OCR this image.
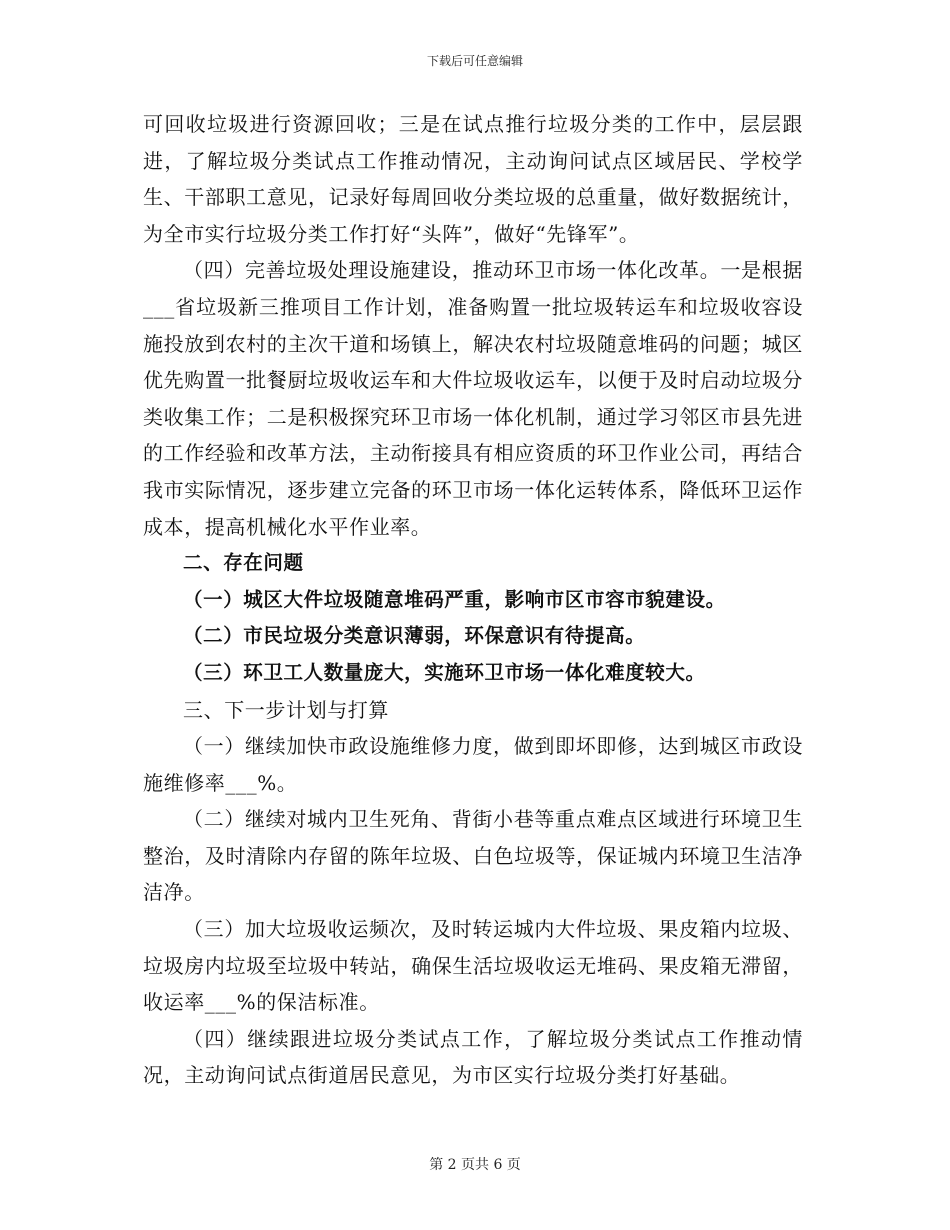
下载后可任意编辑

可回收垃圾进行资源回收；三是在试点推行垃圾分类的工作中，层层跟进，了解垃圾分类试点工作推动情况，主动询问试点区域居民、学校学生、干部职工意见，记录好每周回收分类垃圾的总重量，做好数据统计，为全市实行垃圾分类工作打好“头阵”，做好“先锋军”。

（四）完善垃圾处理设施建设，推动环卫市场一体化改革。一是根据___省垃圾新三推项目工作计划，准备购置一批垃圾转运车和垃圾收容设施投放到农村的主次干道和场镇上，解决农村垃圾随意堆码的问题；城区优先购置一批餐厨垃圾收运车和大件垃圾收运车，以便于及时启动垃圾分类收集工作；二是积极探究环卫市场一体化机制，通过学习邻区市县先进的工作经验和改革方法，主动衔接具有相应资质的环卫作业公司，再结合我市实际情况，逐步建立完备的环卫市场一体化运转体系，降低环卫运作成本，提高机械化水平作业率。

二、存在问题

（一）城区大件垃圾随意堆码严重，影响市区市容市貌建设。

（二）市民垃圾分类意识薄弱，环保意识有待提高。

（三）环卫工人数量庞大，实施环卫市场一体化难度较大。

三、下一步计划与打算

（一）继续加快市政设施维修力度，做到即坏即修，达到城区市政设施维修率___%。

（二）继续对城内卫生死角、背街小巷等重点难点区域进行环境卫生整治，及时清除内存留的陈年垃圾、白色垃圾等，保证城内环境卫生洁净洁净。

（三）加大垃圾收运频次，及时转运城内大件垃圾、果皮箱内垃圾、垃圾房内垃圾至垃圾中转站，确保生活垃圾收运无堆码、果皮箱无滞留，收运率___%的保洁标准。

（四）继续跟进垃圾分类试点工作，了解垃圾分类试点工作推动情况，主动询问试点街道居民意见，为市区实行垃圾分类打好基础。

第 2 页共 6 页
